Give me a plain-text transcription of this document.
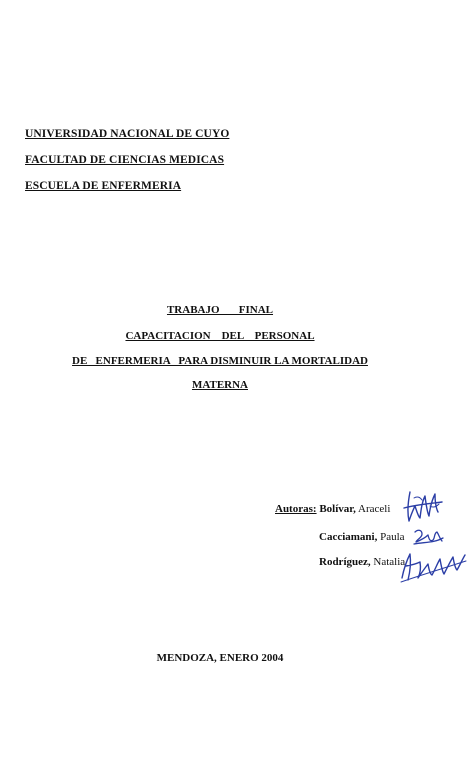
UNIVERSIDAD NACIONAL DE CUYO
FACULTAD DE CIENCIAS MEDICAS
ESCUELA DE ENFERMERIA
TRABAJO       FINAL
CAPACITACION    DEL    PERSONAL
DE   ENFERMERIA   PARA DISMINUIR LA MORTALIDAD
MATERNA
Autoras: Bolívar, Araceli
Cacciamani, Paula
Rodríguez, Natalia
MENDOZA, ENERO 2004
